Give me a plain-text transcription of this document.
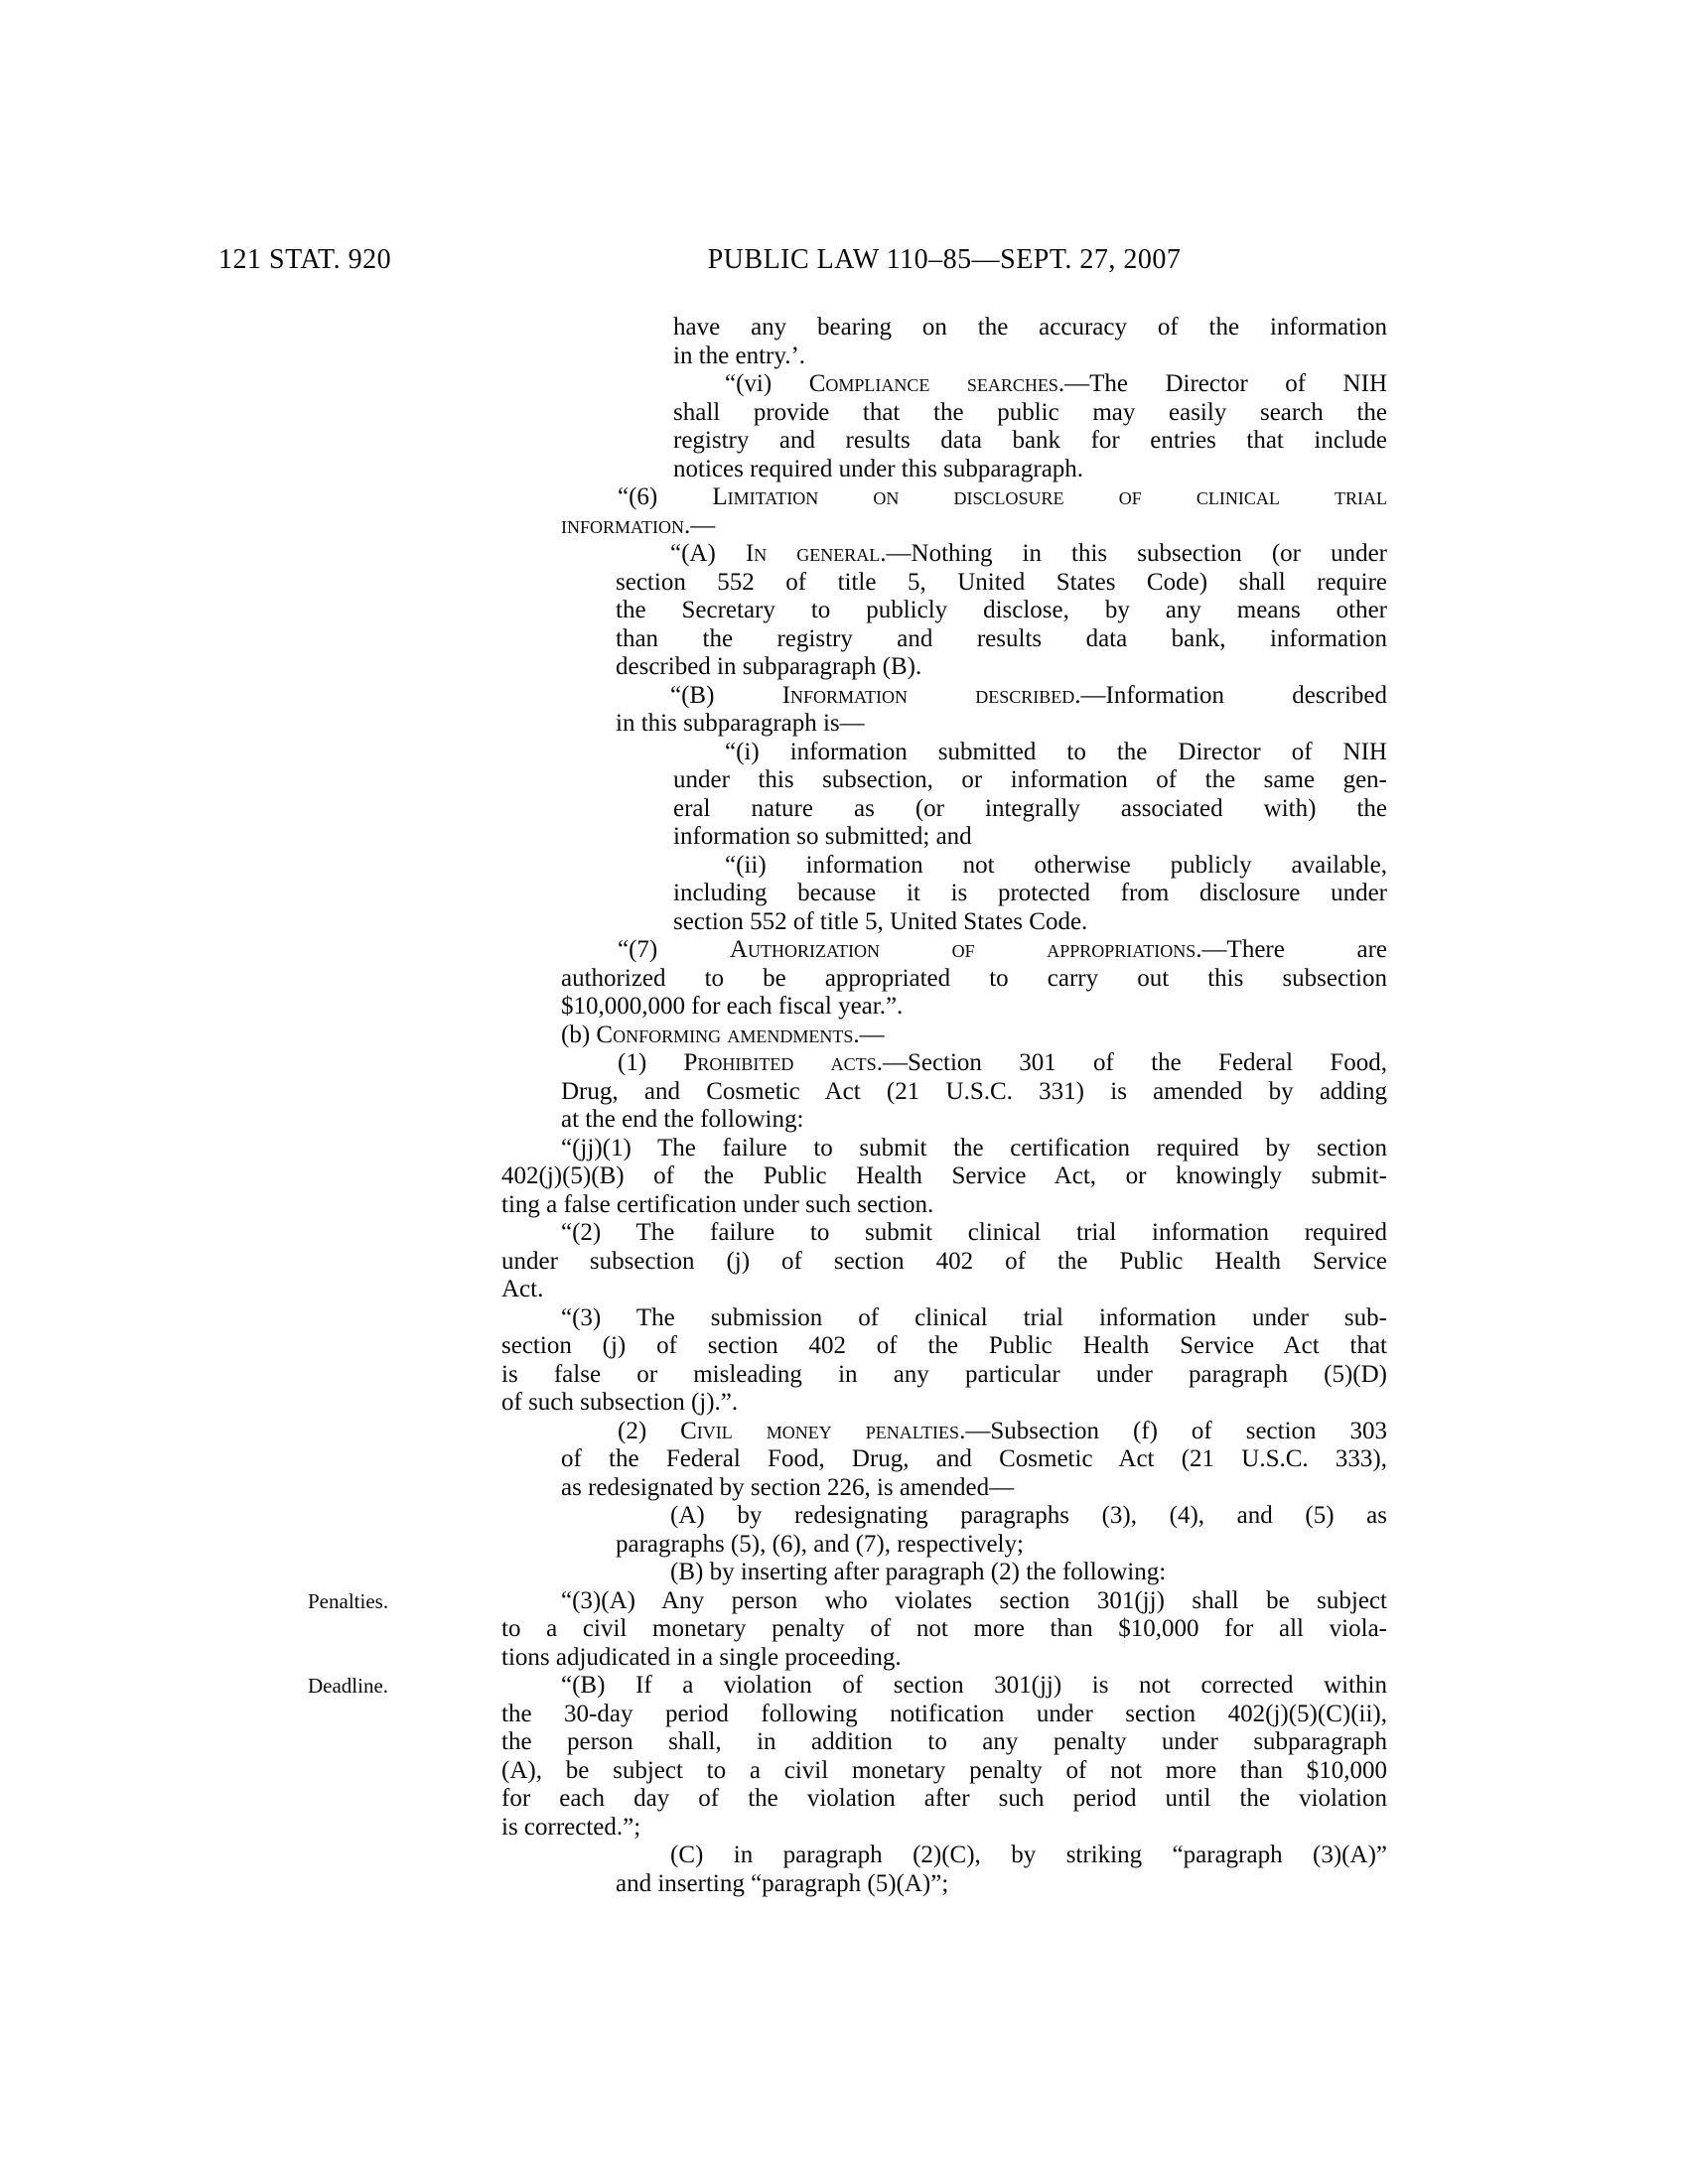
121 STAT. 920	PUBLIC LAW 110–85—SEPT. 27, 2007
Penalties.
Deadline.
have any bearing on the accuracy of the information
in the entry.’.
“(vi) Compliance searches.—The Director of NIH
shall provide that the public may easily search the
registry and results data bank for entries that include
notices required under this subparagraph.
“(6) Limitation on disclosure of clinical trial
information.—
“(A) In general.—Nothing in this subsection (or under
section 552 of title 5, United States Code) shall require
the Secretary to publicly disclose, by any means other
than the registry and results data bank, information
described in subparagraph (B).
“(B) Information described.—Information described
in this subparagraph is—
“(i) information submitted to the Director of NIH
under this subsection, or information of the same gen-
eral nature as (or integrally associated with) the
information so submitted; and
“(ii) information not otherwise publicly available,
including because it is protected from disclosure under
section 552 of title 5, United States Code.
“(7) Authorization of appropriations.—There are
authorized to be appropriated to carry out this subsection
$10,000,000 for each fiscal year.”.
(b) Conforming amendments.—
(1) Prohibited acts.—Section 301 of the Federal Food,
Drug, and Cosmetic Act (21 U.S.C. 331) is amended by adding
at the end the following:
“(jj)(1) The failure to submit the certification required by section
402(j)(5)(B) of the Public Health Service Act, or knowingly submit-
ting a false certification under such section.
“(2) The failure to submit clinical trial information required
under subsection (j) of section 402 of the Public Health Service
Act.
“(3) The submission of clinical trial information under sub-
section (j) of section 402 of the Public Health Service Act that
is false or misleading in any particular under paragraph (5)(D)
of such subsection (j).”.
(2) Civil money penalties.—Subsection (f) of section 303
of the Federal Food, Drug, and Cosmetic Act (21 U.S.C. 333),
as redesignated by section 226, is amended—
(A) by redesignating paragraphs (3), (4), and (5) as
paragraphs (5), (6), and (7), respectively;
(B) by inserting after paragraph (2) the following:
“(3)(A) Any person who violates section 301(jj) shall be subject
to a civil monetary penalty of not more than $10,000 for all viola-
tions adjudicated in a single proceeding.
“(B) If a violation of section 301(jj) is not corrected within
the 30-day period following notification under section 402(j)(5)(C)(ii),
the person shall, in addition to any penalty under subparagraph
(A), be subject to a civil monetary penalty of not more than $10,000
for each day of the violation after such period until the violation
is corrected.”;
(C) in paragraph (2)(C), by striking “paragraph (3)(A)”
and inserting “paragraph (5)(A)”;
